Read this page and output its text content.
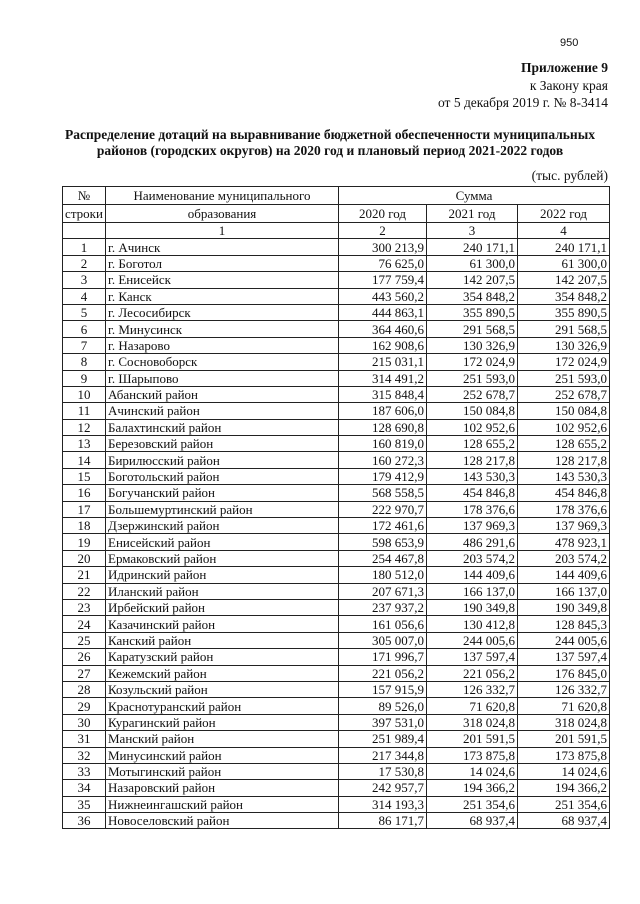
950
Приложение 9
к Закону края
от 5 декабря 2019 г. № 8-3414
Распределение дотаций на выравнивание бюджетной обеспеченности муниципальных
районов (городских округов) на 2020 год и плановый период 2021-2022 годов
(тыс. рублей)
№	Наименование муниципального	Сумма		
строки	образования	2020 год	2021 год	2022 год
	1	2	3	4
1	г. Ачинск	300 213,9	240 171,1	240 171,1
2	г. Боготол	76 625,0	61 300,0	61 300,0
3	г. Енисейск	177 759,4	142 207,5	142 207,5
4	г. Канск	443 560,2	354 848,2	354 848,2
5	г. Лесосибирск	444 863,1	355 890,5	355 890,5
6	г. Минусинск	364 460,6	291 568,5	291 568,5
7	г. Назарово	162 908,6	130 326,9	130 326,9
8	г. Сосновоборск	215 031,1	172 024,9	172 024,9
9	г. Шарыпово	314 491,2	251 593,0	251 593,0
10	Абанский район	315 848,4	252 678,7	252 678,7
11	Ачинский район	187 606,0	150 084,8	150 084,8
12	Балахтинский район	128 690,8	102 952,6	102 952,6
13	Березовский район	160 819,0	128 655,2	128 655,2
14	Бирилюсский район	160 272,3	128 217,8	128 217,8
15	Боготольский район	179 412,9	143 530,3	143 530,3
16	Богучанский район	568 558,5	454 846,8	454 846,8
17	Большемуртинский район	222 970,7	178 376,6	178 376,6
18	Дзержинский район	172 461,6	137 969,3	137 969,3
19	Енисейский район	598 653,9	486 291,6	478 923,1
20	Ермаковский район	254 467,8	203 574,2	203 574,2
21	Идринский район	180 512,0	144 409,6	144 409,6
22	Иланский район	207 671,3	166 137,0	166 137,0
23	Ирбейский район	237 937,2	190 349,8	190 349,8
24	Казачинский район	161 056,6	130 412,8	128 845,3
25	Канский район	305 007,0	244 005,6	244 005,6
26	Каратузский район	171 996,7	137 597,4	137 597,4
27	Кежемский район	221 056,2	221 056,2	176 845,0
28	Козульский район	157 915,9	126 332,7	126 332,7
29	Краснотуранский район	89 526,0	71 620,8	71 620,8
30	Курагинский район	397 531,0	318 024,8	318 024,8
31	Манский район	251 989,4	201 591,5	201 591,5
32	Минусинский район	217 344,8	173 875,8	173 875,8
33	Мотыгинский район	17 530,8	14 024,6	14 024,6
34	Назаровский район	242 957,7	194 366,2	194 366,2
35	Нижнеингашский район	314 193,3	251 354,6	251 354,6
36	Новоселовский район	86 171,7	68 937,4	68 937,4
